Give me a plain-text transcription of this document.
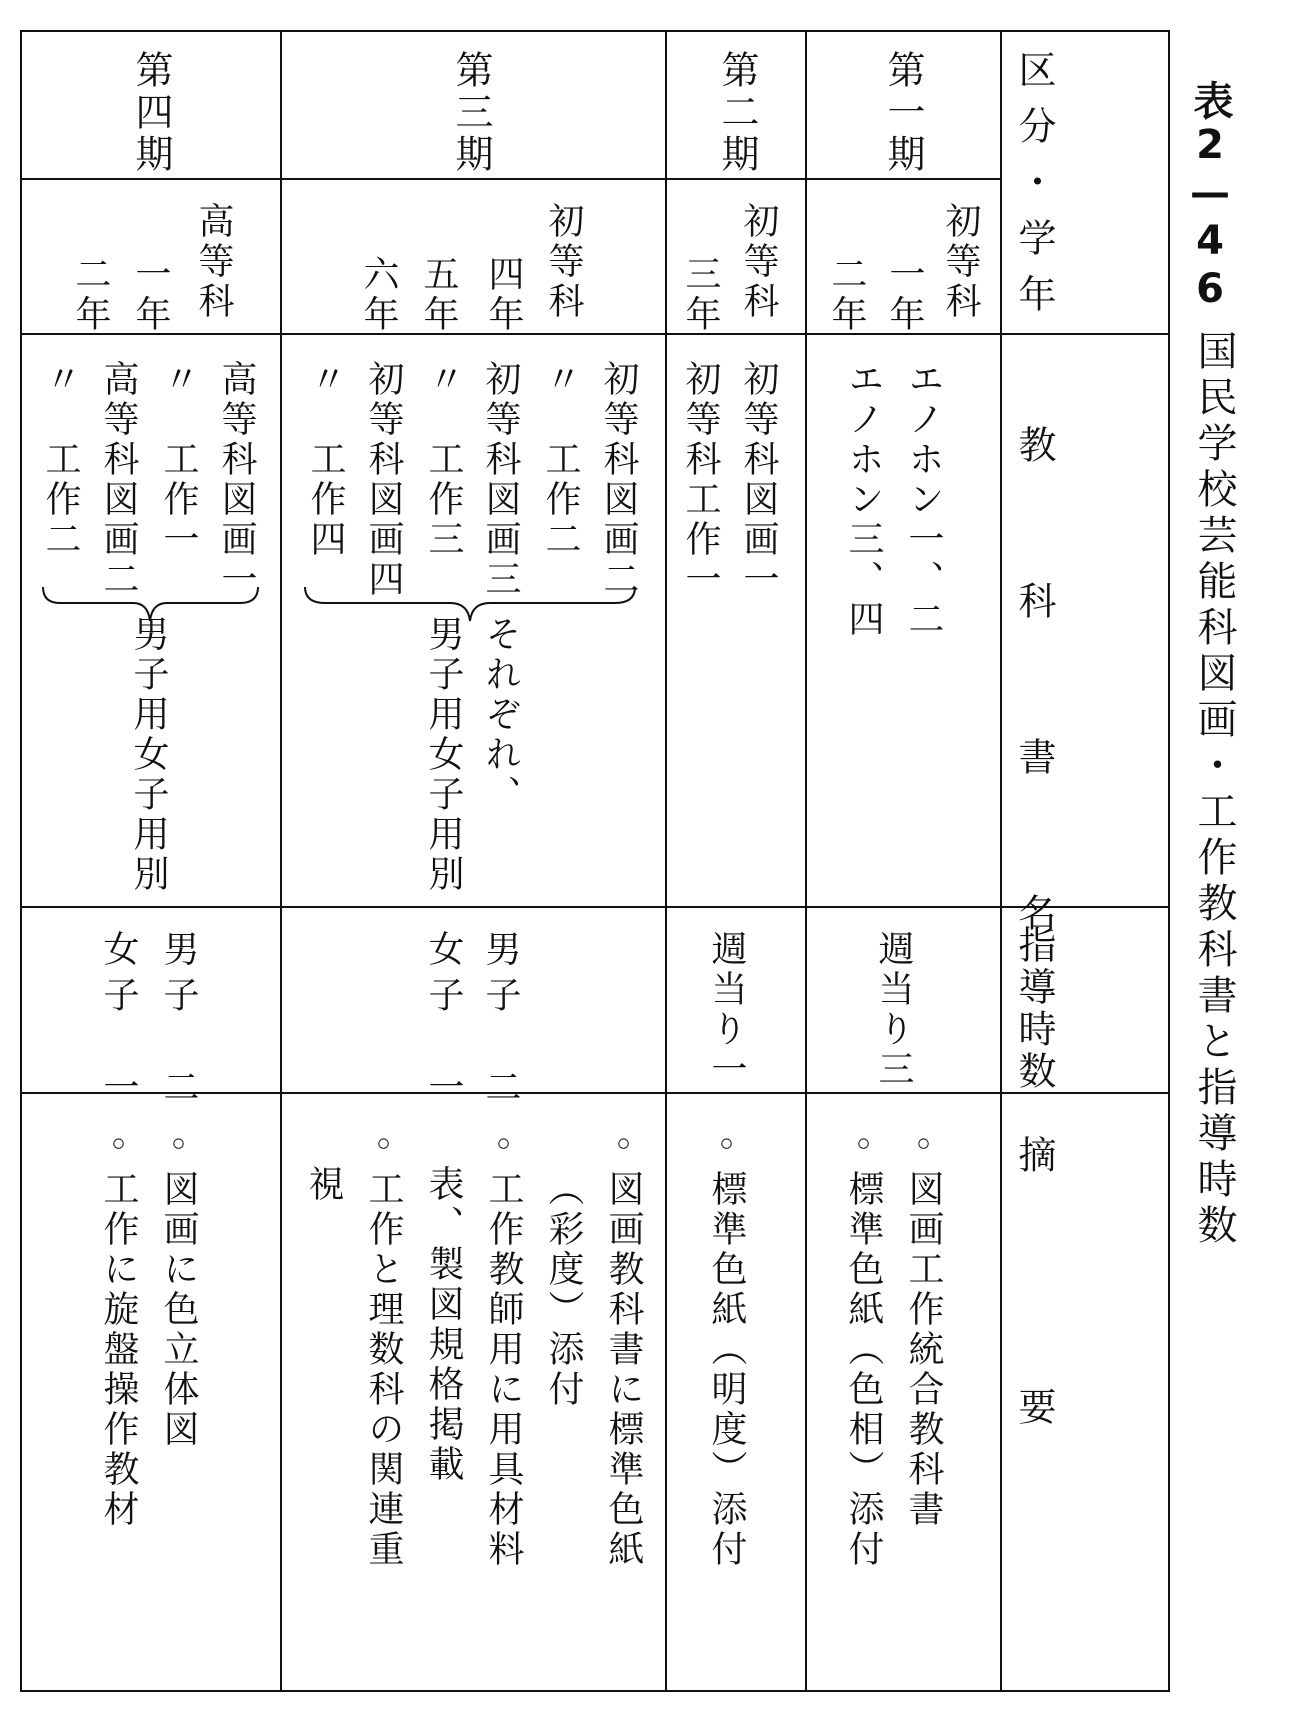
表2—46
国民学校芸能科図画・工作教科書と指導時数
区分・学年
教　科　書　名
指導時数
摘　　要
第一期
初等科
一年
二年
エノホン一、二
エノホン三、四
週当り三
◦図画工作統合教科書
◦標準色紙（色相）添付
第二期
初等科
三年
初等科図画一
初等科工作一
週当り一
◦標準色紙（明度）添付
第三期
初等科
四年
五年
六年
初等科図画二
〃　工作二
初等科図画三
〃　工作三
初等科図画四
〃　工作四
それぞれ、
男子用女子用別
男子　二
女子　一
◦図画教科書に標準色紙
（彩度）添付
◦工作教師用に用具材料
表、製図規格掲載
◦工作と理数科の関連重
視
第四期
高等科
一年
二年
高等科図画一
〃　工作一
高等科図画二
〃　工作二
男子用女子用別
男子　二
女子　一
◦図画に色立体図
◦工作に旋盤操作教材
